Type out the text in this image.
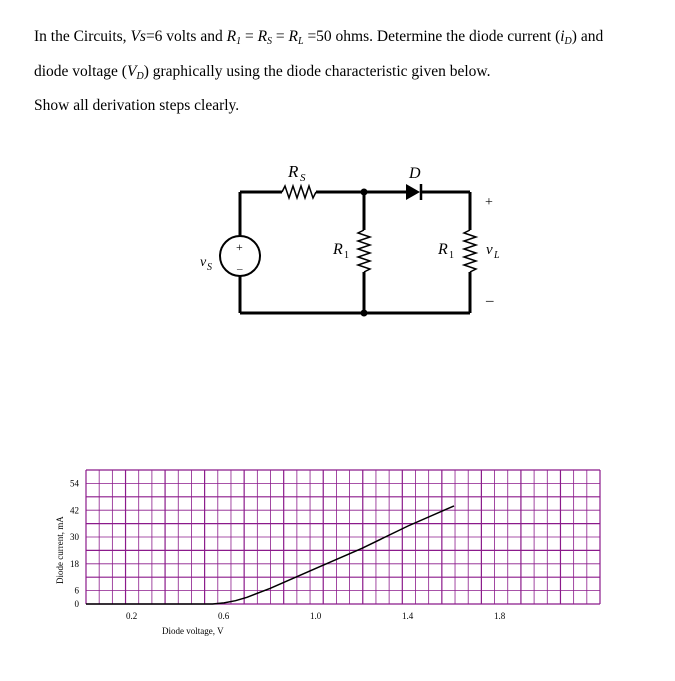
In the Circuits, Vs=6 volts and $R_1 = R_S = R_L =50$ ohms. Determine the diode current $(i_D)$ and
diode voltage $(V_D)$ graphically using the diode characteristic given below.
Show all derivation steps clearly.
R S	D
R 1	R 1
+
v L
–
v S
+
–
0.2	0.6	1.0	1.4	1.8
0
6
18
30
42
54
Diode voltage, V
Diode current, mA
